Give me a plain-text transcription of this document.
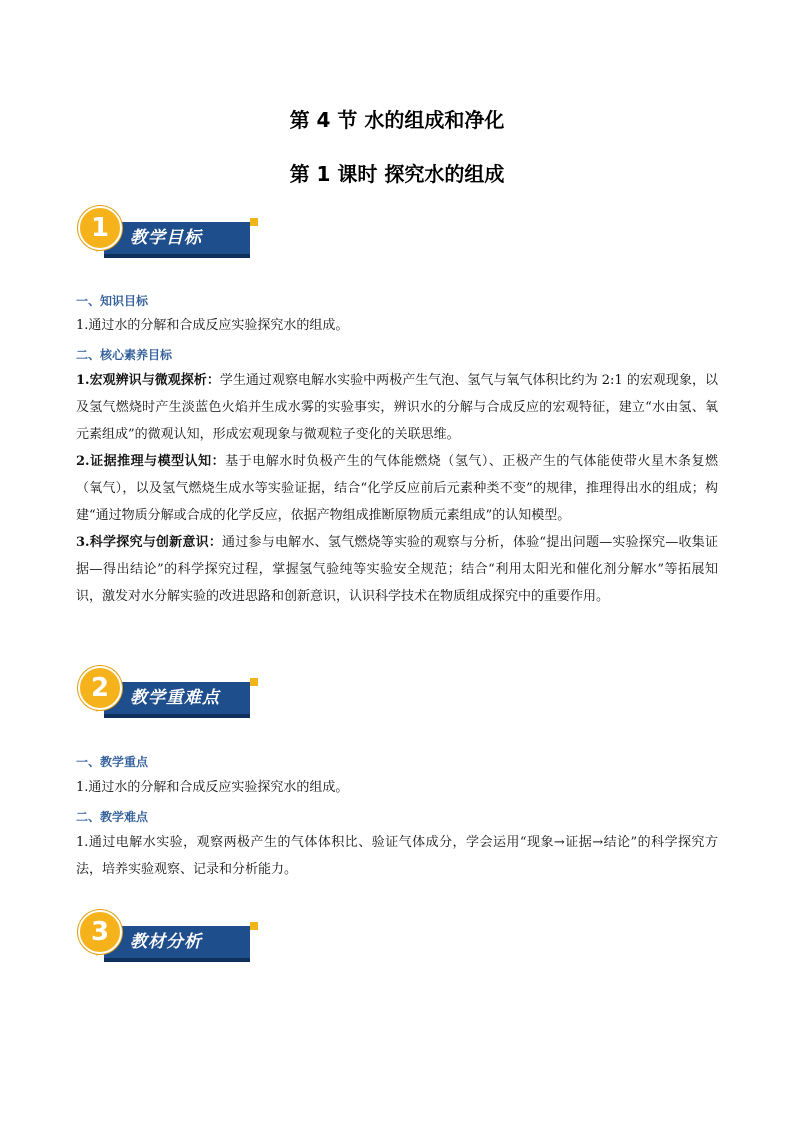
第 4 节 水的组成和净化
第 1 课时 探究水的组成
教学目标
1
一、知识目标
1.通过水的分解和合成反应实验探究水的组成。
二、核心素养目标
1.宏观辨识与微观探析：学生通过观察电解水实验中两极产生气泡、氢气与氧气体积比约为 2:1 的宏观现象，以及氢气燃烧时产生淡蓝色火焰并生成水雾的实验事实，辨识水的分解与合成反应的宏观特征，建立“水由氢、氧元素组成”的微观认知，形成宏观现象与微观粒子变化的关联思维。
2.证据推理与模型认知：基于电解水时负极产生的气体能燃烧（氢气）、正极产生的气体能使带火星木条复燃（氧气），以及氢气燃烧生成水等实验证据，结合“化学反应前后元素种类不变”的规律，推理得出水的组成；构建“通过物质分解或合成的化学反应，依据产物组成推断原物质元素组成”的认知模型。
3.科学探究与创新意识：通过参与电解水、氢气燃烧等实验的观察与分析，体验“提出问题—实验探究—收集证据—得出结论”的科学探究过程，掌握氢气验纯等实验安全规范；结合“利用太阳光和催化剂分解水”等拓展知识，激发对水分解实验的改进思路和创新意识，认识科学技术在物质组成探究中的重要作用。
教学重难点
2
一、教学重点
1.通过水的分解和合成反应实验探究水的组成。
二、教学难点
1.通过电解水实验，观察两极产生的气体体积比、验证气体成分，学会运用“现象→证据→结论”的科学探究方法，培养实验观察、记录和分析能力。
教材分析
3
